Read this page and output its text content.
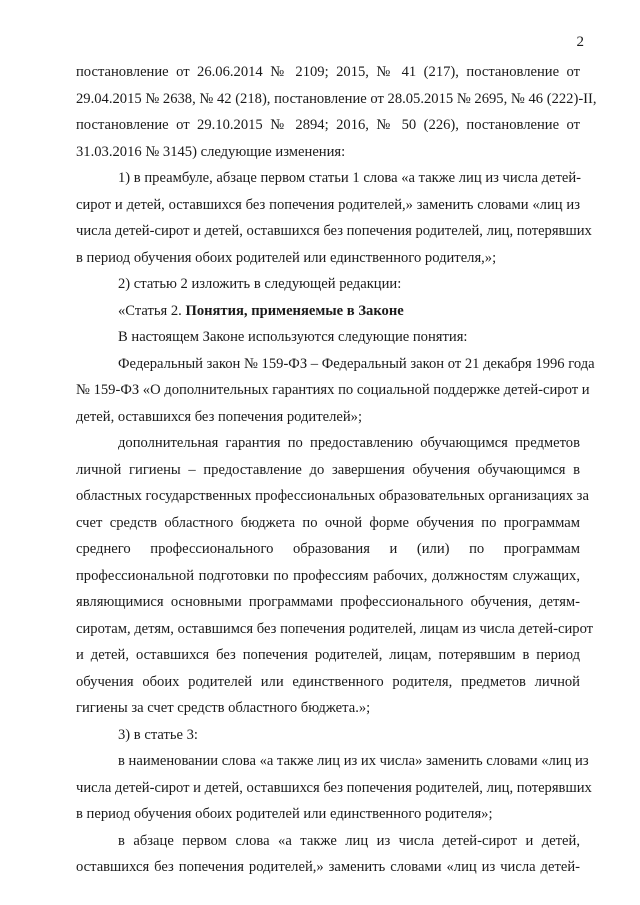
2
постановление от 26.06.2014 № 2109; 2015, № 41 (217), постановление от
29.04.2015 № 2638, № 42 (218), постановление от 28.05.2015 № 2695, № 46 (222)-II,
постановление от 29.10.2015 № 2894; 2016, № 50 (226), постановление от
31.03.2016 № 3145) следующие изменения:
1) в преамбуле, абзаце первом статьи 1 слова «а также лиц из числа детей-
сирот и детей, оставшихся без попечения родителей,» заменить словами «лиц из
числа детей-сирот и детей, оставшихся без попечения родителей, лиц, потерявших
в период обучения обоих родителей или единственного родителя,»;
2) статью 2 изложить в следующей редакции:
«Статья 2. Понятия, применяемые в Законе
В настоящем Законе используются следующие понятия:
Федеральный закон № 159-ФЗ – Федеральный закон от 21 декабря 1996 года
№ 159-ФЗ «О дополнительных гарантиях по социальной поддержке детей-сирот и
детей, оставшихся без попечения родителей»;
дополнительная гарантия по предоставлению обучающимся предметов
личной гигиены – предоставление до завершения обучения обучающимся в
областных государственных профессиональных образовательных организациях за
счет средств областного бюджета по очной форме обучения по программам
среднего профессионального образования и (или) по программам
профессиональной подготовки по профессиям рабочих, должностям служащих,
являющимися основными программами профессионального обучения, детям-
сиротам, детям, оставшимся без попечения родителей, лицам из числа детей-сирот
и детей, оставшихся без попечения родителей, лицам, потерявшим в период
обучения обоих родителей или единственного родителя, предметов личной
гигиены за счет средств областного бюджета.»;
3) в статье 3:
в наименовании слова «а также лиц из их числа» заменить словами «лиц из
числа детей-сирот и детей, оставшихся без попечения родителей, лиц, потерявших
в период обучения обоих родителей или единственного родителя»;
в абзаце первом слова «а также лиц из числа детей-сирот и детей,
оставшихся без попечения родителей,» заменить словами «лиц из числа детей-
